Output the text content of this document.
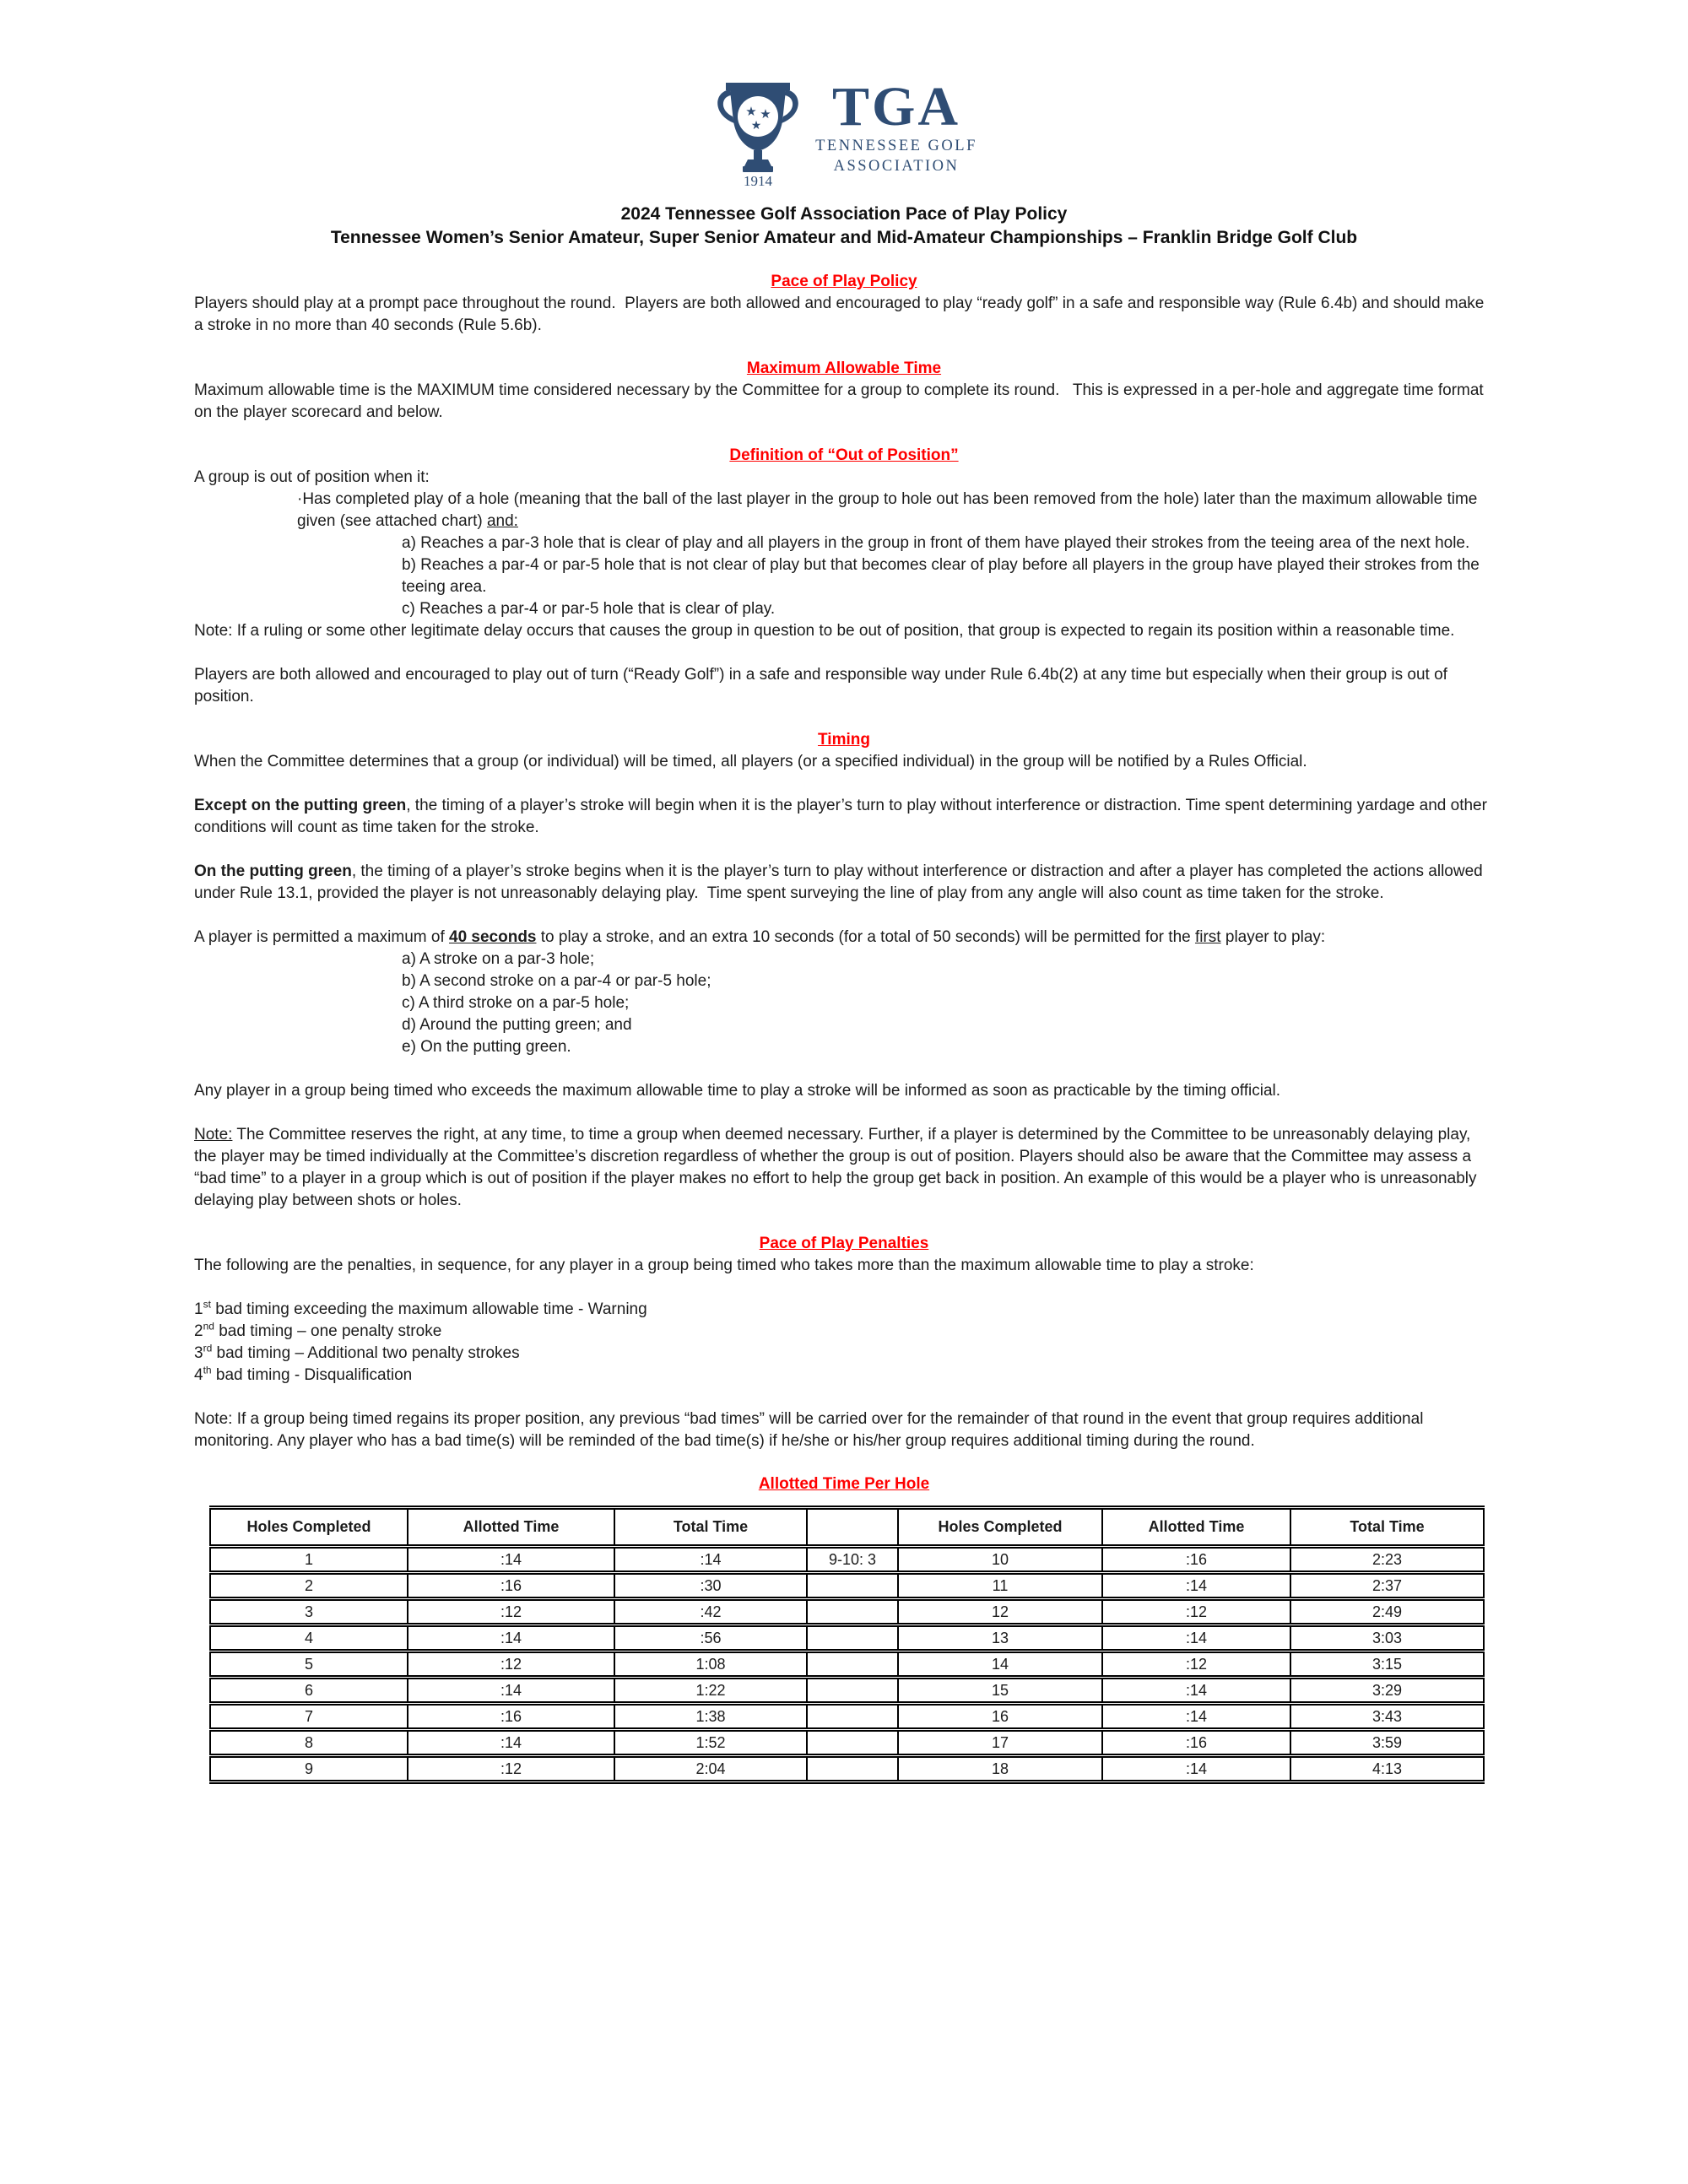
★ ★
★
1914
TGA
TENNESSEE GOLF
ASSOCIATION
2024 Tennessee Golf Association Pace of Play Policy
Tennessee Women’s Senior Amateur, Super Senior Amateur and Mid-Amateur Championships – Franklin Bridge Golf Club
Pace of Play Policy

Players should play at a prompt pace throughout the round.  Players are both allowed and encouraged to play “ready golf” in a safe and responsible way (Rule 6.4b) and should make a stroke in no more than 40 seconds (Rule 5.6b).

Maximum Allowable Time

Maximum allowable time is the MAXIMUM time considered necessary by the Committee for a group to complete its round.   This is expressed in a per-hole and aggregate time format on the player scorecard and below.

Definition of “Out of Position”

A group is out of position when it:

·Has completed play of a hole (meaning that the ball of the last player in the group to hole out has been removed from the hole) later than the maximum allowable time given (see attached chart) and:

a) Reaches a par-3 hole that is clear of play and all players in the group in front of them have played their strokes from the teeing area of the next hole.

b) Reaches a par-4 or par-5 hole that is not clear of play but that becomes clear of play before all players in the group have played their strokes from the teeing area.

c) Reaches a par-4 or par-5 hole that is clear of play.

Note: If a ruling or some other legitimate delay occurs that causes the group in question to be out of position, that group is expected to regain its position within a reasonable time.

Players are both allowed and encouraged to play out of turn (“Ready Golf”) in a safe and responsible way under Rule 6.4b(2) at any time but especially when their group is out of position.

Timing

When the Committee determines that a group (or individual) will be timed, all players (or a specified individual) in the group will be notified by a Rules Official.

Except on the putting green, the timing of a player’s stroke will begin when it is the player’s turn to play without interference or distraction. Time spent determining yardage and other conditions will count as time taken for the stroke.

On the putting green, the timing of a player’s stroke begins when it is the player’s turn to play without interference or distraction and after a player has completed the actions allowed under Rule 13.1, provided the player is not unreasonably delaying play.  Time spent surveying the line of play from any angle will also count as time taken for the stroke.

A player is permitted a maximum of 40 seconds to play a stroke, and an extra 10 seconds (for a total of 50 seconds) will be permitted for the first player to play:

a) A stroke on a par-3 hole;

b) A second stroke on a par-4 or par-5 hole;

c) A third stroke on a par-5 hole;

d) Around the putting green; and

e) On the putting green.

Any player in a group being timed who exceeds the maximum allowable time to play a stroke will be informed as soon as practicable by the timing official.

Note: The Committee reserves the right, at any time, to time a group when deemed necessary. Further, if a player is determined by the Committee to be unreasonably delaying play, the player may be timed individually at the Committee’s discretion regardless of whether the group is out of position. Players should also be aware that the Committee may assess a “bad time” to a player in a group which is out of position if the player makes no effort to help the group get back in position. An example of this would be a player who is unreasonably delaying play between shots or holes.

Pace of Play Penalties

The following are the penalties, in sequence, for any player in a group being timed who takes more than the maximum allowable time to play a stroke:

1st bad timing exceeding the maximum allowable time - Warning

2nd bad timing – one penalty stroke

3rd bad timing – Additional two penalty strokes

4th bad timing - Disqualification

Note: If a group being timed regains its proper position, any previous “bad times” will be carried over for the remainder of that round in the event that group requires additional monitoring. Any player who has a bad time(s) will be reminded of the bad time(s) if he/she or his/her group requires additional timing during the round.

Allotted Time Per Hole
Holes Completed	Allotted Time	Total Time		Holes Completed	Allotted Time	Total Time
1	:14	:14	9-10: 3	10	:16	2:23
2	:16	:30		11	:14	2:37
3	:12	:42		12	:12	2:49
4	:14	:56		13	:14	3:03
5	:12	1:08		14	:12	3:15
6	:14	1:22		15	:14	3:29
7	:16	1:38		16	:14	3:43
8	:14	1:52		17	:16	3:59
9	:12	2:04		18	:14	4:13
